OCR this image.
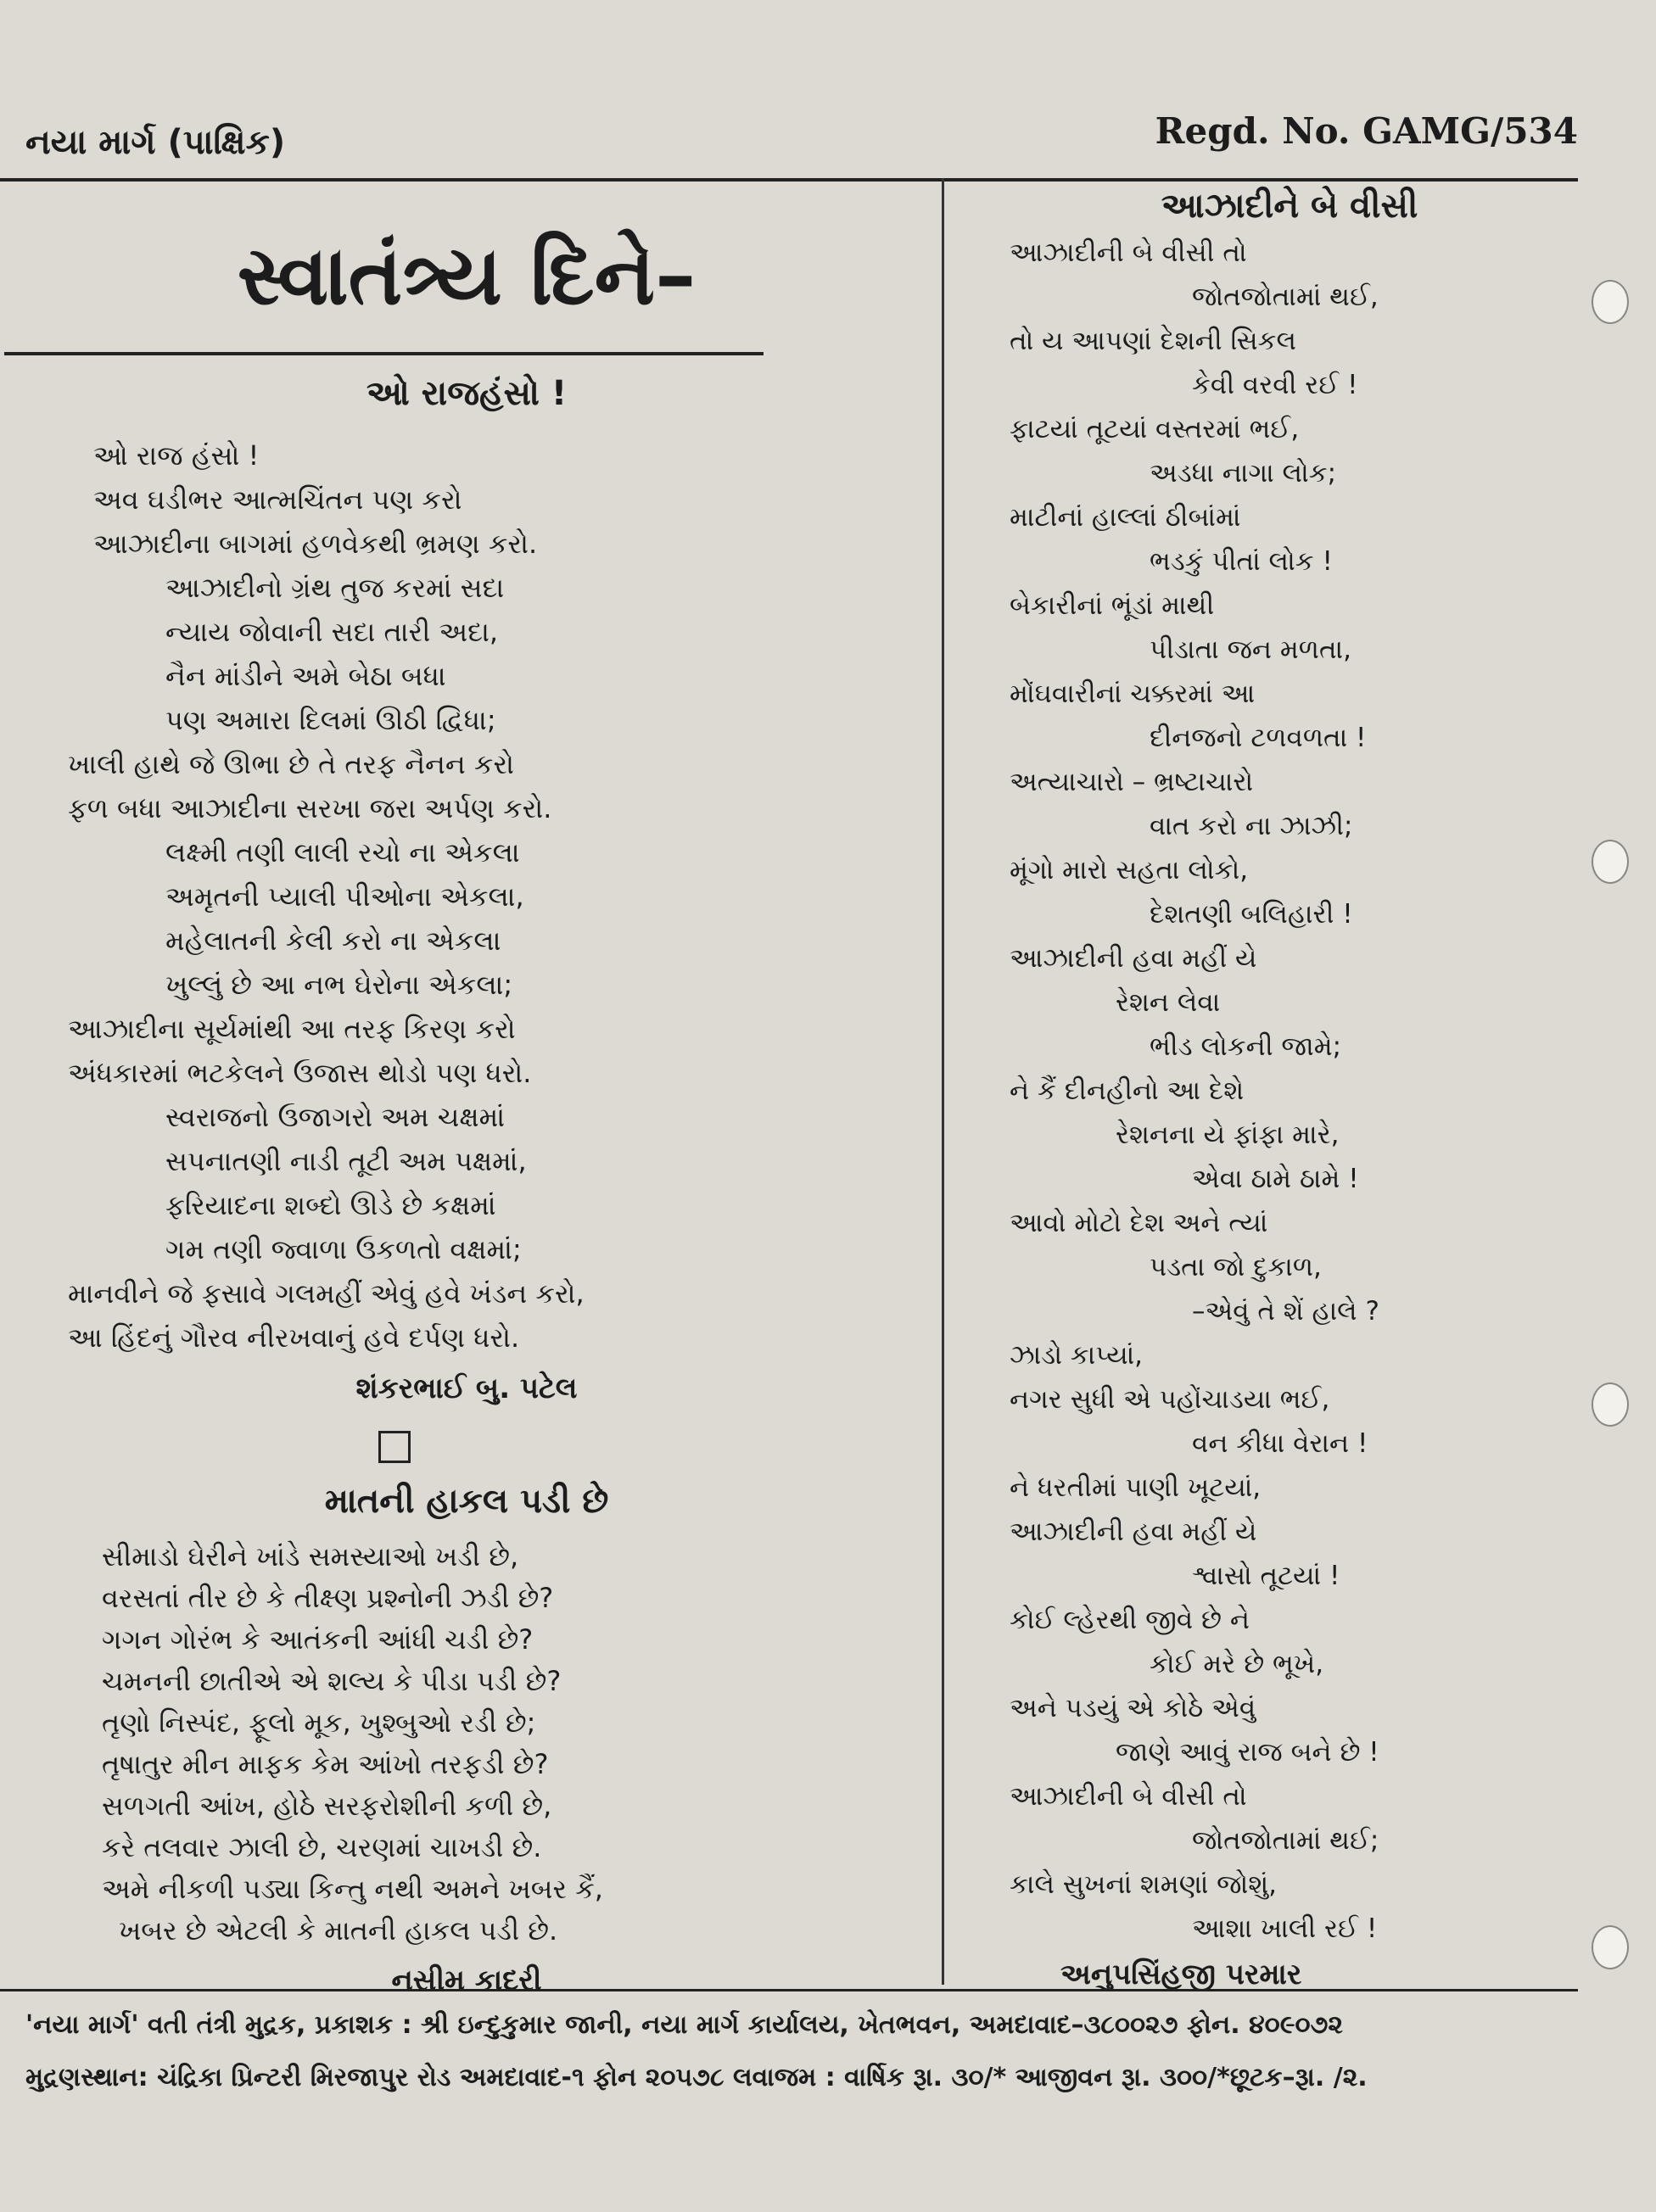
નયા માર્ગ (પાક્ષિક)	Regd. No. GAMG/534
સ્વાતંત્ર્ય દિને–
ઓ રાજહંસો !
ઓ રાજ હંસો !
અવ ઘડીભર આત્મચિંતન પણ કરો
આઝાદીના બાગમાં હળવેકથી ભ્રમણ કરો.
આઝાદીનો ગ્રંથ તુજ કરમાં સદા
ન્યાય જોવાની સદા તારી અદા,
નૈન માંડીને અમે બેઠા બધા
પણ અમારા દિલમાં ઊઠી દ્વિધા;
ખાલી હાથે જે ઊભા છે તે તરફ નૈનન કરો
ફળ બધા આઝાદીના સરખા જરા અર્પણ કરો.
લક્ષ્મી તણી લાલી રચો ના એકલા
અમૃતની પ્યાલી પીઓના એકલા,
મહેલાતની કેલી કરો ના એકલા
ખુલ્લું છે આ નભ ઘેરોના એકલા;
આઝાદીના સૂર્યમાંથી આ તરફ કિરણ કરો
અંધકારમાં ભટકેલને ઉજાસ થોડો પણ ધરો.
સ્વરાજનો ઉજાગરો અમ ચક્ષમાં
સપનાતણી નાડી તૂટી અમ પક્ષમાં,
ફરિયાદના શબ્દો ઊડે છે કક્ષમાં
ગમ તણી જ્વાળા ઉકળતો વક્ષમાં;
માનવીને જે ફસાવે ગલમહીં એવું હવે ખંડન કરો,
આ હિંદનું ગૌરવ નીરખવાનું હવે દર્પણ ધરો.
શંકરભાઈ બુ. પટેલ
માતની હાકલ પડી છે
સીમાડો ઘેરીને ખાંડે સમસ્યાઓ ખડી છે,
વરસતાં તીર છે કે તીક્ષ્ણ પ્રશ્નોની ઝડી છે?
ગગન ગોરંભ કે આતંકની આંધી ચડી છે?
ચમનની છાતીએ એ શલ્ય કે પીડા પડી છે?
તૃણો નિસ્પંદ, ફૂલો મૂક, ખુશ્બુઓ રડી છે;
તૃષાતુર મીન માફક કેમ આંખો તરફડી છે?
સળગતી આંખ, હોઠે સરફરોશીની કળી છે,
કરે તલવાર ઝાલી છે, ચરણમાં ચાખડી છે.
અમે નીકળી પડ્યા કિન્તુ નથી અમને ખબર કૈં,
ખબર છે એટલી કે માતની હાકલ પડી છે.
નસીમ કાદરી
આઝાદીને બે વીસી
આઝાદીની બે વીસી તો
જોતજોતામાં થઈ,
તો ય આપણાં દેશની સિકલ
કેવી વરવી રઈ !
ફાટયાં તૂટયાં વસ્તરમાં ભઈ,
અડધા નાગા લોક;
માટીનાં હાલ્લાં ઠીબાંમાં
ભડકું પીતાં લોક !
બેકારીનાં ભૂંડાં માથી
પીડાતા જન મળતા,
મોંઘવારીનાં ચક્કરમાં આ
દીનજનો ટળવળતા !
અત્યાચારો – ભ્રષ્ટાચારો
વાત કરો ના ઝાઝી;
મૂંગો મારો સહતા લોકો,
દેશતણી બલિહારી !
આઝાદીની હવા મહીં યે
રેશન લેવા
ભીડ લોકની જામે;
ને કૈં દીનહીનો આ દેશે
રેશનના યે ફાંફા મારે,
એવા ઠામે ઠામે !
આવો મોટો દેશ અને ત્યાં
પડતા જો દુકાળ,
–એવું તે શેં હાલે ?
ઝાડો કાપ્યાં,
નગર સુધી એ પહોંચાડયા ભઈ,
વન કીધા વેરાન !
ને ધરતીમાં પાણી ખૂટયાં,
આઝાદીની હવા મહીં યે
શ્વાસો તૂટયાં !
કોઈ લ્હેરથી જીવે છે ને
કોઈ મરે છે ભૂખે,
અને પડયું એ કોઠે એવું
જાણે આવું રાજ બને છે !
આઝાદીની બે વીસી તો
જોતજોતામાં થઈ;
કાલે સુખનાં શમણાં જોશું,
આશા ખાલી રઈ !
અનુપસિંહજી પરમાર
'નયા માર્ગ' વતી તંત્રી મુદ્રક, પ્રકાશક : શ્રી ઇન્દુકુમાર જાની, નયા માર્ગ કાર્યાલય, ખેતભવન, અમદાવાદ–૩૮૦૦૨૭ ફોન. ૪૦૯૦૭૨
મુદ્રણસ્થાન: ચંદ્રિકા પ્રિન્ટરી મિરજાપુર રોડ અમદાવાદ-૧ ફોન ૨૦૫૭૮ લવાજમ : વાર્ષિક રૂા. ૩૦/* આજીવન રૂા. ૩૦૦/*છૂટક–રૂા. /૨.
